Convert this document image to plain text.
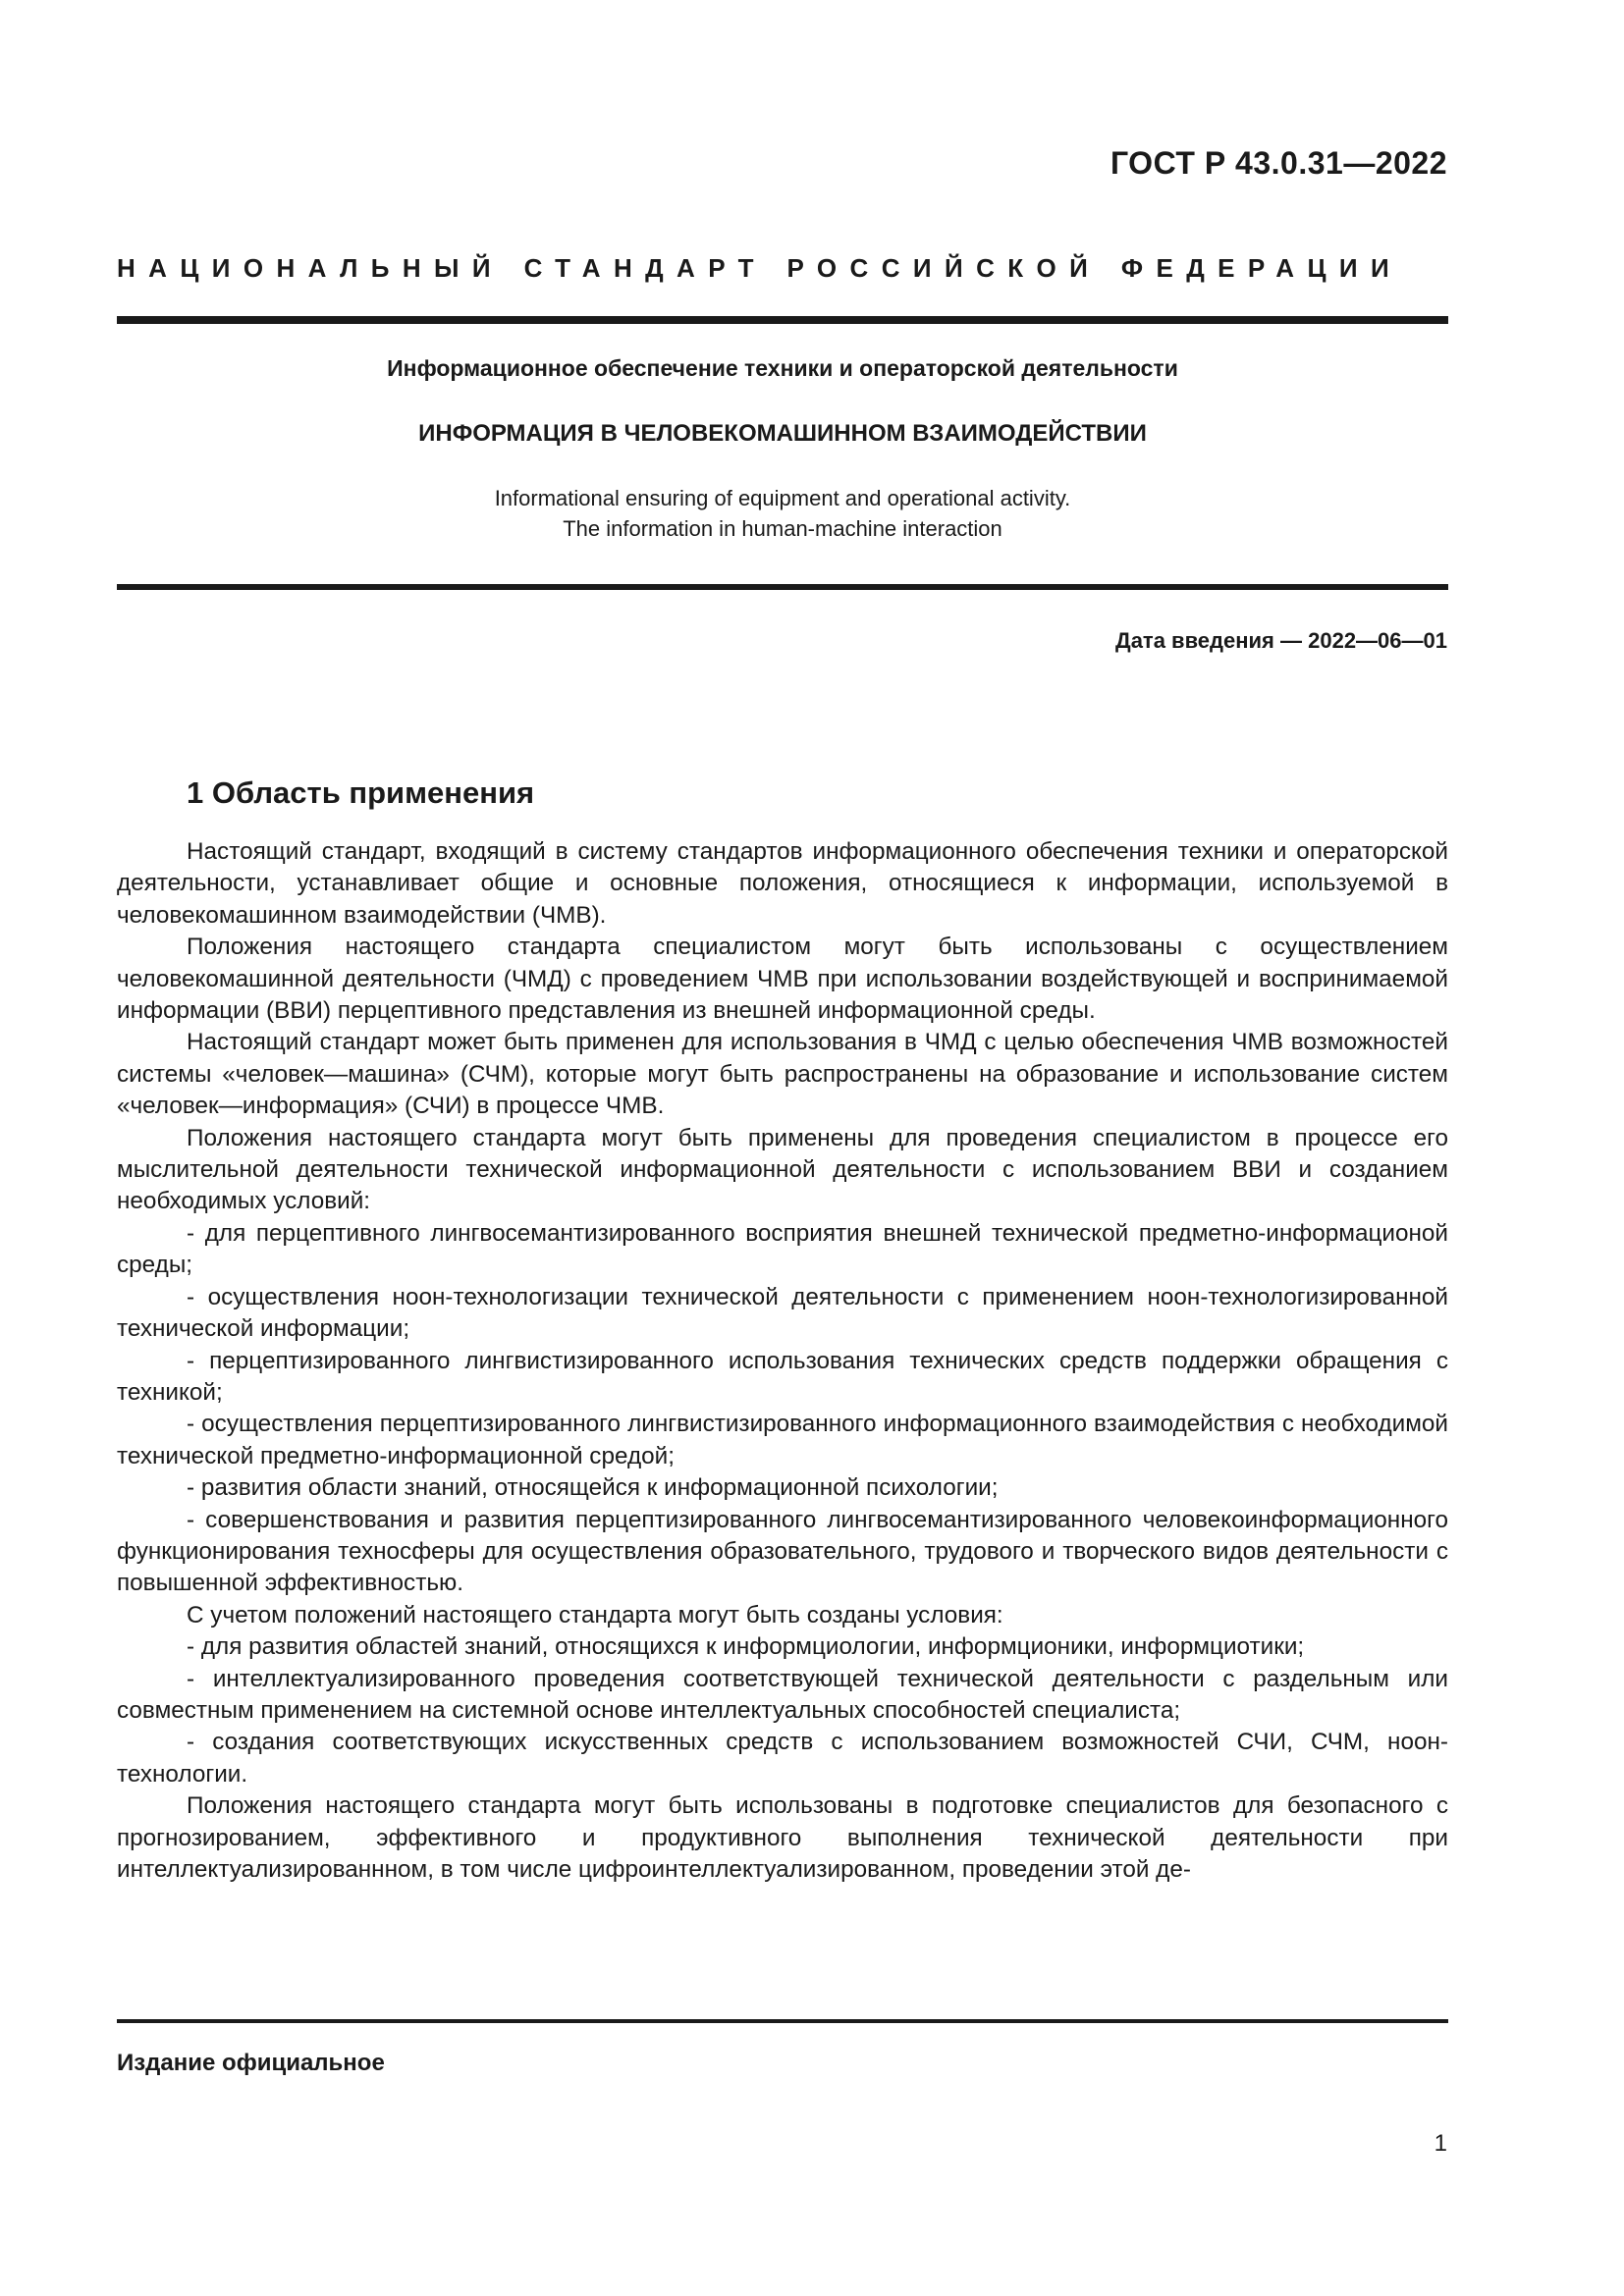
ГОСТ Р 43.0.31—2022
НАЦИОНАЛЬНЫЙ СТАНДАРТ РОССИЙСКОЙ ФЕДЕРАЦИИ
Информационное обеспечение техники и операторской деятельности
ИНФОРМАЦИЯ В ЧЕЛОВЕКОМАШИННОМ ВЗАИМОДЕЙСТВИИ
Informational ensuring of equipment and operational activity.
The information in human-machine interaction
Дата введения — 2022—06—01
1 Область применения

Настоящий стандарт, входящий в систему стандартов информационного обеспечения техники и операторской деятельности, устанавливает общие и основные положения, относящиеся к информации, используемой в человекомашинном взаимодействии (ЧМВ).

Положения настоящего стандарта специалистом могут быть использованы с осуществлением человекомашинной деятельности (ЧМД) с проведением ЧМВ при использовании воздействующей и воспринимаемой информации (ВВИ) перцептивного представления из внешней информационной среды.

Настоящий стандарт может быть применен для использования в ЧМД с целью обеспечения ЧМВ возможностей системы «человек—машина» (СЧМ), которые могут быть распространены на образование и использование систем «человек—информация» (СЧИ) в процессе ЧМВ.

Положения настоящего стандарта могут быть применены для проведения специалистом в процессе его мыслительной деятельности технической информационной деятельности с использованием ВВИ и созданием необходимых условий:

- для перцептивного лингвосемантизированного восприятия внешней технической предметно-информационой среды;

- осуществления ноон-технологизации технической деятельности с применением ноон-технологизированной технической информации;

- перцептизированного лингвистизированного использования технических средств поддержки обращения с техникой;

- осуществления перцептизированного лингвистизированного информационного взаимодействия с необходимой технической предметно-информационной средой;

- развития области знаний, относящейся к информационной психологии;

- совершенствования и развития перцептизированного лингвосемантизированного человекоинформационного функционирования техносферы для осуществления образовательного, трудового и творческого видов деятельности с повышенной эффективностью.

С учетом положений настоящего стандарта могут быть созданы условия:

- для развития областей знаний, относящихся к информциологии, информционики, информциотики;

- интеллектуализированного проведения соответствующей технической деятельности с раздельным или совместным применением на системной основе интеллектуальных способностей специалиста;

- создания соответствующих искусственных средств с использованием возможностей СЧИ, СЧМ, ноон-технологии.

Положения настоящего стандарта могут быть использованы в подготовке специалистов для безопасного с прогнозированием, эффективного и продуктивного выполнения технической деятельности при интеллектуализированнном, в том числе цифроинтеллектуализированном, проведении этой де-

Издание официальное
1
